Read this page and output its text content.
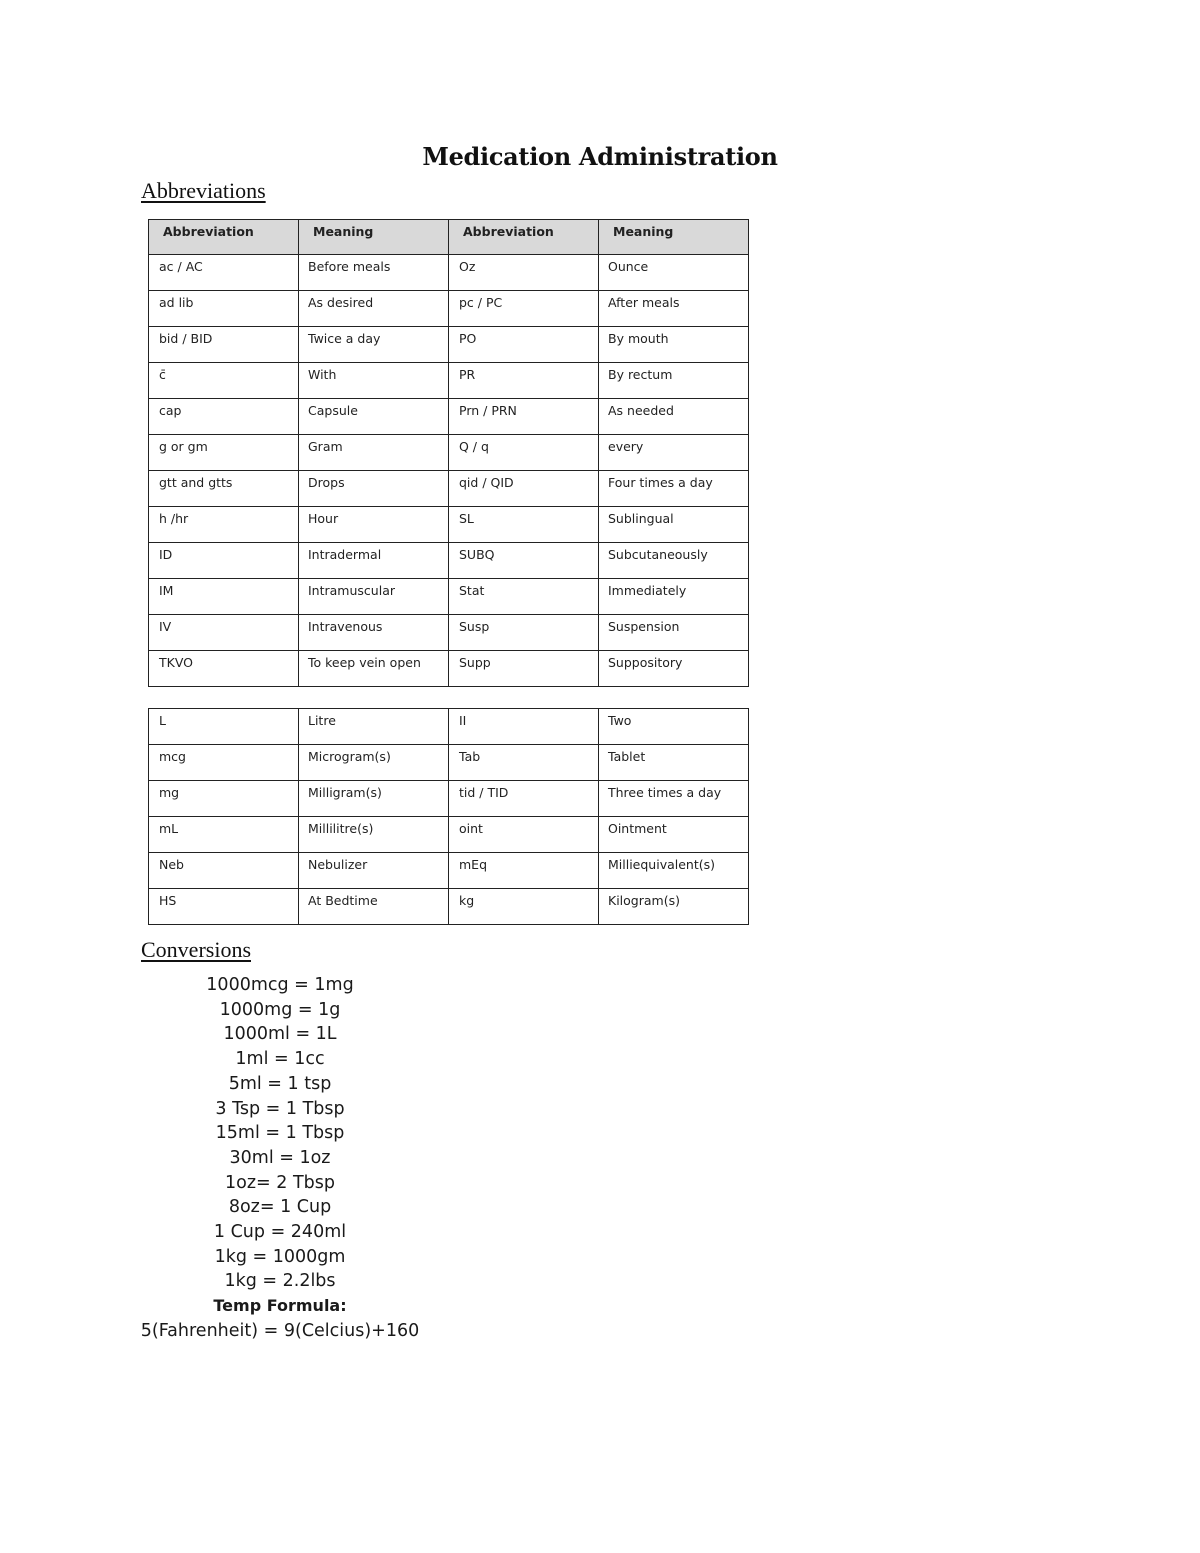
Medication Administration
Abbreviations
Abbreviation	Meaning	Abbreviation	Meaning
ac / AC	Before meals	Oz	Ounce
ad lib	As desired	pc / PC	After meals
bid / BID	Twice a day	PO	By mouth
c̄	With	PR	By rectum
cap	Capsule	Prn / PRN	As needed
g or gm	Gram	Q / q	every
gtt and gtts	Drops	qid / QID	Four times a day
h /hr	Hour	SL	Sublingual
ID	Intradermal	SUBQ	Subcutaneously
IM	Intramuscular	Stat	Immediately
IV	Intravenous	Susp	Suspension
TKVO	To keep vein open	Supp	Suppository
L	Litre	II	Two
mcg	Microgram(s)	Tab	Tablet
mg	Milligram(s)	tid / TID	Three times a day
mL	Millilitre(s)	oint	Ointment
Neb	Nebulizer	mEq	Milliequivalent(s)
HS	At Bedtime	kg	Kilogram(s)
Conversions
1000mcg = 1mg
1000mg = 1g
1000ml = 1L
1ml = 1cc
5ml = 1 tsp
3 Tsp = 1 Tbsp
15ml = 1 Tbsp
30ml = 1oz
1oz= 2 Tbsp
8oz= 1 Cup
1 Cup = 240ml
1kg = 1000gm
1kg = 2.2lbs
Temp Formula:
5(Fahrenheit) = 9(Celcius)+160
